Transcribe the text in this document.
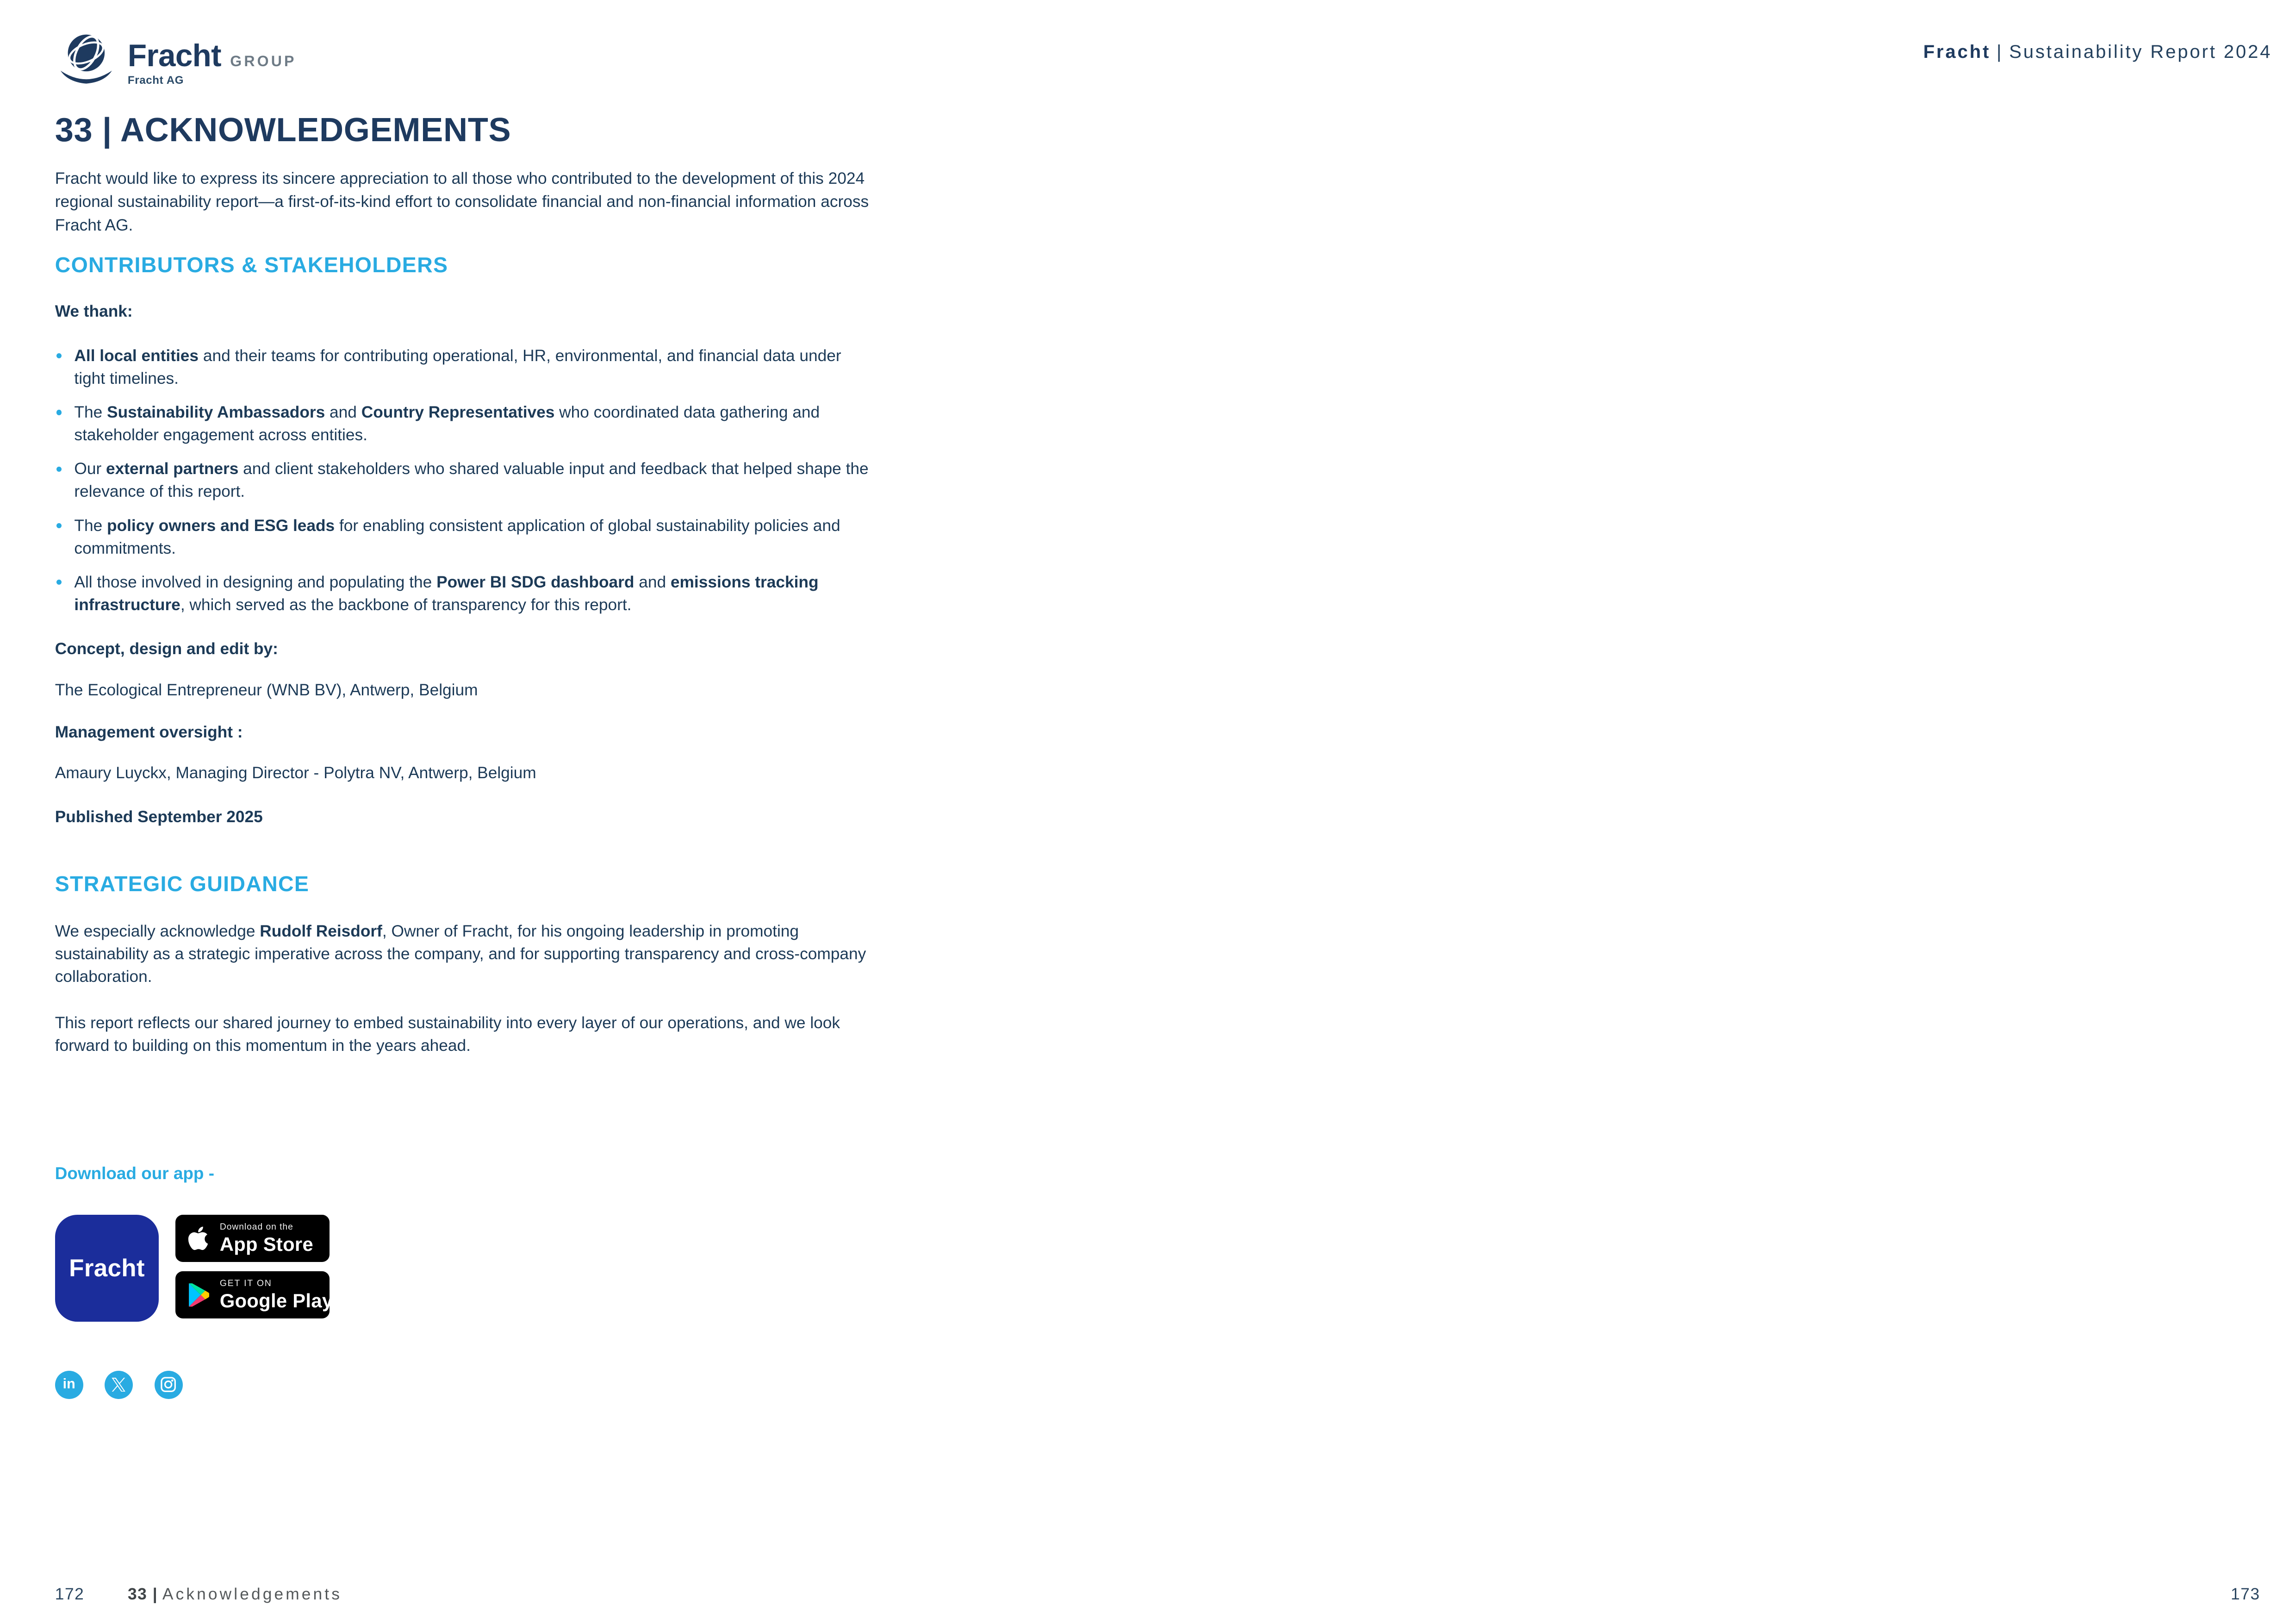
Fracht GROUP
Fracht AG
Fracht | Sustainability Report 2024
33 | ACKNOWLEDGEMENTS

Fracht would like to express its sincere appreciation to all those who contributed to the development of this 2024 regional sustainability report—a first-of-its-kind effort to consolidate financial and non-financial information across Fracht AG.

CONTRIBUTORS & STAKEHOLDERS

We thank:

All local entities and their teams for contributing operational, HR, environmental, and financial data under tight timelines.
The Sustainability Ambassadors and Country Representatives who coordinated data gathering and stakeholder engagement across entities.
Our external partners and client stakeholders who shared valuable input and feedback that helped shape the relevance of this report.
The policy owners and ESG leads for enabling consistent application of global sustainability policies and commitments.
All those involved in designing and populating the Power BI SDG dashboard and emissions tracking infrastructure, which served as the backbone of transparency for this report.

Concept, design and edit by:

The Ecological Entrepreneur (WNB BV), Antwerp, Belgium

Management oversight :

Amaury Luyckx, Managing Director - Polytra NV, Antwerp, Belgium

Published September 2025

STRATEGIC GUIDANCE

We especially acknowledge Rudolf Reisdorf, Owner of Fracht, for his ongoing leadership in promoting sustainability as a strategic imperative across the company, and for supporting transparency and cross-company collaboration.

This report reflects our shared journey to embed sustainability into every layer of our operations, and we look forward to building on this momentum in the years ahead.

Download our app -

Fracht
Download on the
App Store
GET IT ON
Google Play
in
172	33 | Acknowledgements	173
